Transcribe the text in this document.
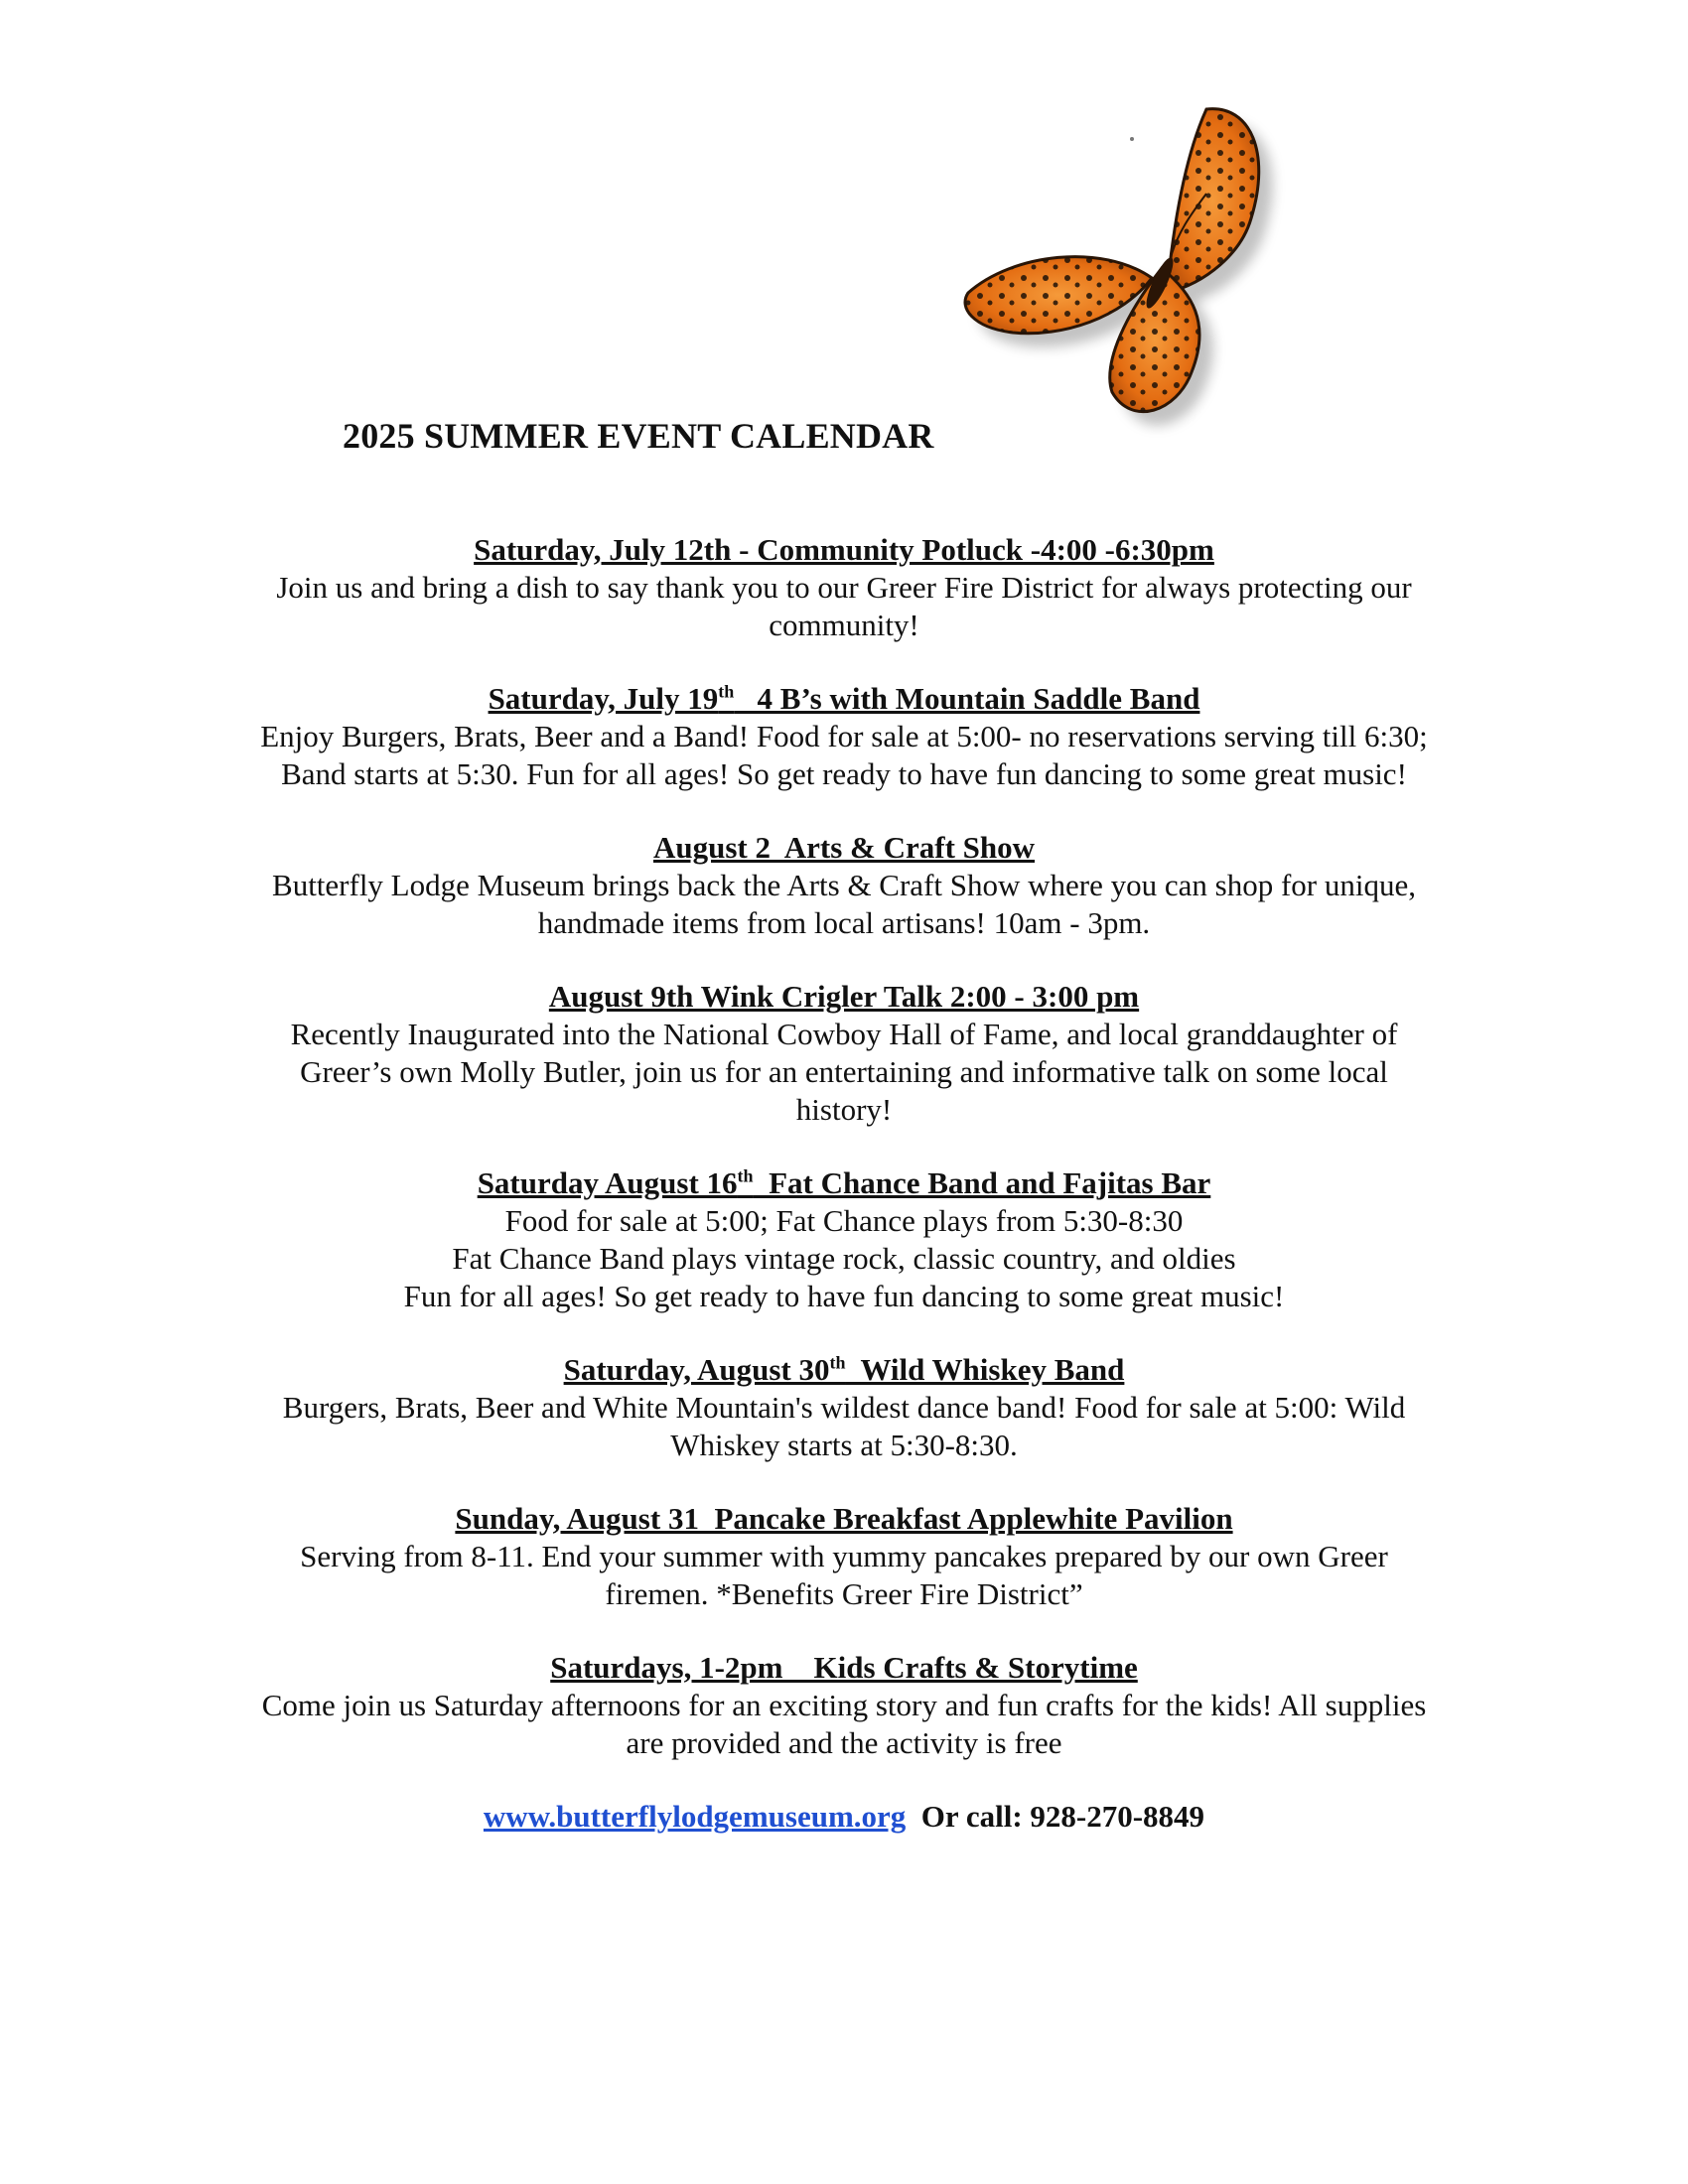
2025 SUMMER EVENT CALENDAR
Saturday, July 12th - Community Potluck -4:00 -6:30pm
Join us and bring a dish to say thank you to our Greer Fire District for always protecting our community!
Saturday, July 19th   4 B’s with Mountain Saddle Band
Enjoy Burgers, Brats, Beer and a Band! Food for sale at 5:00- no reservations serving till 6:30; Band starts at 5:30. Fun for all ages! So get ready to have fun dancing to some great music!
August 2  Arts & Craft Show
Butterfly Lodge Museum brings back the Arts & Craft Show where you can shop for unique, handmade items from local artisans! 10am - 3pm.
August 9th Wink Crigler Talk 2:00 - 3:00 pm
Recently Inaugurated into the National Cowboy Hall of Fame, and local granddaughter of Greer’s own Molly Butler, join us for an entertaining and informative talk on some local history!
Saturday August 16th  Fat Chance Band and Fajitas Bar
Food for sale at 5:00; Fat Chance plays from 5:30-8:30
Fat Chance Band plays vintage rock, classic country, and oldies
Fun for all ages! So get ready to have fun dancing to some great music!
Saturday, August 30th  Wild Whiskey Band
Burgers, Brats, Beer and White Mountain's wildest dance band! Food for sale at 5:00: Wild Whiskey starts at 5:30-8:30.
Sunday, August 31  Pancake Breakfast Applewhite Pavilion
Serving from 8-11. End your summer with yummy pancakes prepared by our own Greer firemen. *Benefits Greer Fire District”
Saturdays, 1-2pm    Kids Crafts & Storytime
Come join us Saturday afternoons for an exciting story and fun crafts for the kids! All supplies are provided and the activity is free
www.butterflylodgemuseum.org Or call: 928-270-8849
